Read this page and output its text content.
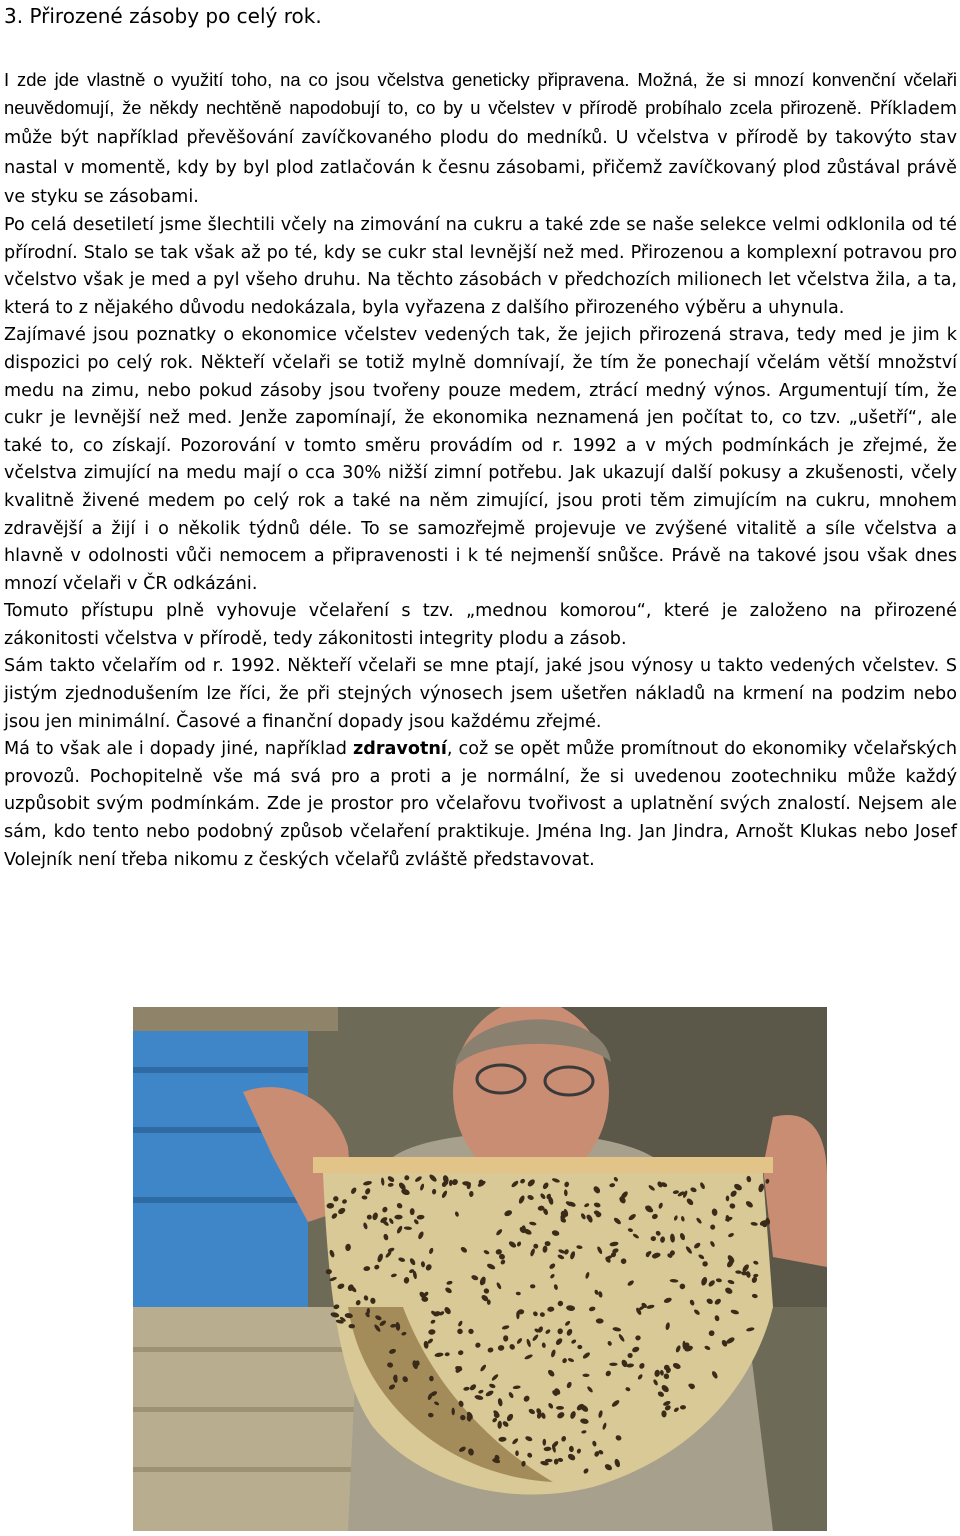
3. Přirozené zásoby po celý rok.

I zde jde vlastně o využití toho, na co jsou včelstva geneticky připravena. Možná, že si mnozí konvenční včelaři neuvědomují, že někdy nechtěně napodobují to, co by u včelstev v přírodě probíhalo zcela přirozeně. Příkladem může být například převěšování zavíčkovaného plodu do medníků. U včelstva v přírodě by takovýto stav nastal v momentě, kdy by byl plod zatlačován k česnu zásobami, přičemž zavíčkovaný plod zůstával právě ve styku se zásobami.

Po celá desetiletí jsme šlechtili včely na zimování na cukru a také zde se naše selekce velmi odklonila od té přírodní. Stalo se tak však až po té, kdy se cukr stal levnější než med. Přirozenou a komplexní potravou pro včelstvo však je med a pyl všeho druhu. Na těchto zásobách v předchozích milionech let včelstva žila, a ta, která to z nějakého důvodu nedokázala, byla vyřazena z dalšího přirozeného výběru a uhynula.

Zajímavé jsou poznatky o ekonomice včelstev vedených tak, že jejich přirozená strava, tedy med je jim k dispozici po celý rok. Někteří včelaři se totiž mylně domnívají, že tím že ponechají včelám větší množství medu na zimu, nebo pokud zásoby jsou tvořeny pouze medem, ztrácí medný výnos. Argumentují tím, že cukr je levnější než med. Jenže zapomínají, že ekonomika neznamená jen počítat to, co tzv. „ušetří“, ale také to, co získají. Pozorování v tomto směru provádím od r. 1992 a v mých podmínkách je zřejmé, že včelstva zimující na medu mají o cca 30% nižší zimní potřebu. Jak ukazují další pokusy a zkušenosti, včely kvalitně živené medem po celý rok a také na něm zimující, jsou proti těm zimujícím na cukru, mnohem zdravější a žijí i o několik týdnů déle. To se samozřejmě projevuje ve zvýšené vitalitě a síle včelstva a hlavně v odolnosti vůči nemocem a připravenosti i k té nejmenší snůšce. Právě na takové jsou však dnes mnozí včelaři v ČR odkázáni.

Tomuto přístupu plně vyhovuje včelaření s tzv. „mednou komorou“, které je založeno na přirozené zákonitosti včelstva v přírodě, tedy zákonitosti integrity plodu a zásob.

Sám takto včelařím od r. 1992. Někteří včelaři se mne ptají, jaké jsou výnosy u takto vedených včelstev. S jistým zjednodušením lze říci, že při stejných výnosech jsem ušetřen nákladů na krmení na podzim nebo jsou jen minimální. Časové a finanční dopady jsou každému zřejmé.

Má to však ale i dopady jiné, například zdravotní, což se opět může promítnout do ekonomiky včelařských provozů. Pochopitelně vše má svá pro a proti a je normální, že si uvedenou zootechniku může každý uzpůsobit svým podmínkám. Zde je prostor pro včelařovu tvořivost a uplatnění svých znalostí. Nejsem ale sám, kdo tento nebo podobný způsob včelaření praktikuje. Jména Ing. Jan Jindra, Arnošt Klukas nebo Josef Volejník není třeba nikomu z českých včelařů zvláště představovat.
